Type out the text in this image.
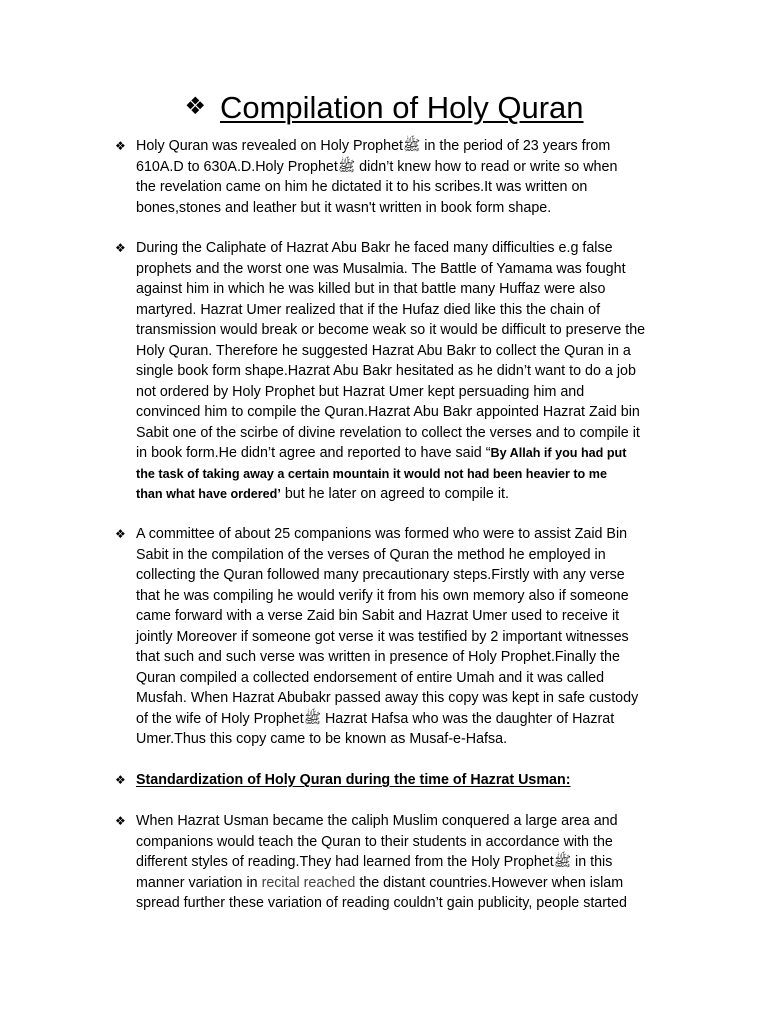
❖ Compilation of Holy Quran
❖ Holy Quran was revealed on Holy Prophetﷺ in the period of 23 years from
610A.D to 630A.D.Holy Prophetﷺ didn’t knew how to read or write so when
the revelation came on him he dictated it to his scribes.It was written on
bones,stones and leather but it wasn't written in book form shape.

❖ During the Caliphate of Hazrat Abu Bakr he faced many difficulties e.g false
prophets and the worst one was Musalmia. The Battle of Yamama was fought
against him in which he was killed but in that battle many Huffaz were also
martyred. Hazrat Umer realized that if the Hufaz died like this the chain of
transmission would break or become weak so it would be difficult to preserve the
Holy Quran. Therefore he suggested Hazrat Abu Bakr to collect the Quran in a
single book form shape.Hazrat Abu Bakr hesitated as he didn’t want to do a job
not ordered by Holy Prophet but Hazrat Umer kept persuading him and
convinced him to compile the Quran.Hazrat Abu Bakr appointed Hazrat Zaid bin
Sabit one of the scirbe of divine revelation to collect the verses and to compile it
in book form.He didn’t agree and reported to have said “By Allah if you had put
the task of taking away a certain mountain it would not had been heavier to me
than what have ordered’ but he later on agreed to compile it.

❖ A committee of about 25 companions was formed who were to assist Zaid Bin
Sabit in the compilation of the verses of Quran the method he employed in
collecting the Quran followed many precautionary steps.Firstly with any verse
that he was compiling he would verify it from his own memory also if someone
came forward with a verse Zaid bin Sabit and Hazrat Umer used to receive it
jointly Moreover if someone got verse it was testified by 2 important witnesses
that such and such verse was written in presence of Holy Prophet.Finally the
Quran compiled a collected endorsement of entire Umah and it was called
Musfah. When Hazrat Abubakr passed away this copy was kept in safe custody
of the wife of Holy Prophetﷺ Hazrat Hafsa who was the daughter of Hazrat
Umer.Thus this copy came to be known as Musaf-e-Hafsa.

❖ Standardization of Holy Quran during the time of Hazrat Usman:

❖ When Hazrat Usman became the caliph Muslim conquered a large area and
companions would teach the Quran to their students in accordance with the
different styles of reading.They had learned from the Holy Prophetﷺ in this
manner variation in recital reached the distant countries.However when islam
spread further these variation of reading couldn’t gain publicity, people started
